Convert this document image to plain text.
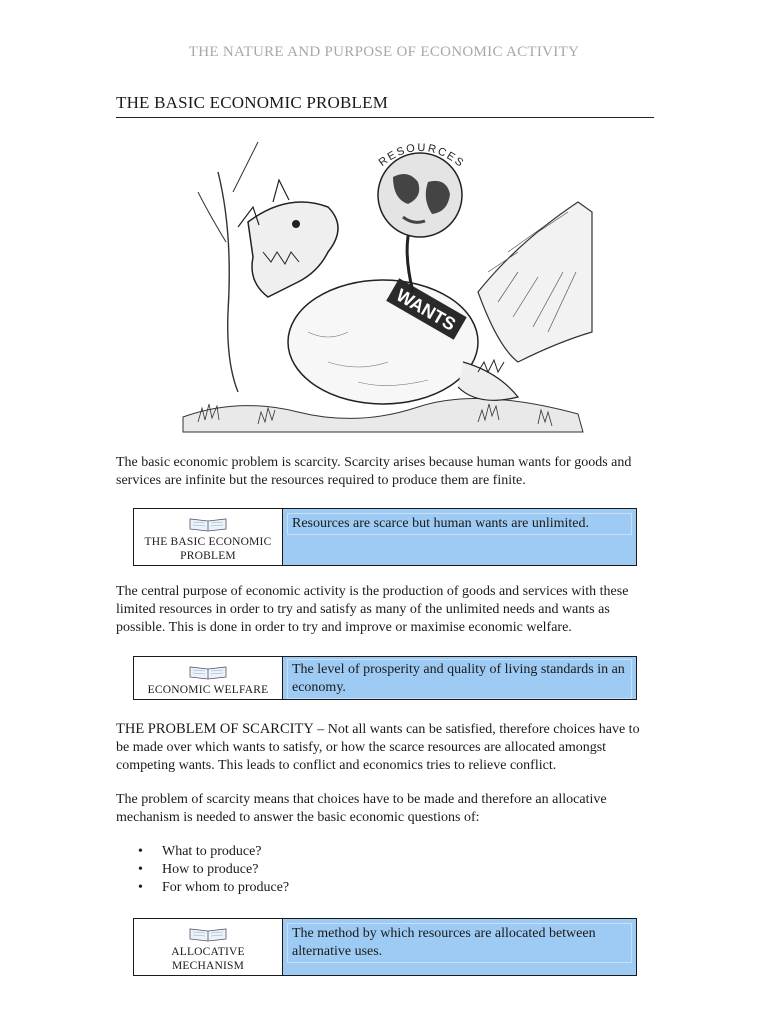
THE NATURE AND PURPOSE OF ECONOMIC ACTIVITY
THE BASIC ECONOMIC PROBLEM
WANTS
RESOURCES
The basic economic problem is scarcity. Scarcity arises because human wants for goods and services are infinite but the resources required to produce them are finite.
THE BASIC ECONOMIC
PROBLEM
Resources are scarce but human wants are unlimited.
The central purpose of economic activity is the production of goods and services with these limited resources in order to try and satisfy as many of the unlimited needs and wants as possible. This is done in order to try and improve or maximise economic welfare.
ECONOMIC WELFARE
The level of prosperity and quality of living standards in an economy.
THE PROBLEM OF SCARCITY – Not all wants can be satisfied, therefore choices have to be made over which wants to satisfy, or how the scarce resources are allocated amongst competing wants. This leads to conflict and economics tries to relieve conflict.
The problem of scarcity means that choices have to be made and therefore an allocative mechanism is needed to answer the basic economic questions of:
• What to produce?
• How to produce?
• For whom to produce?
ALLOCATIVE
MECHANISM
The method by which resources are allocated between alternative uses.
